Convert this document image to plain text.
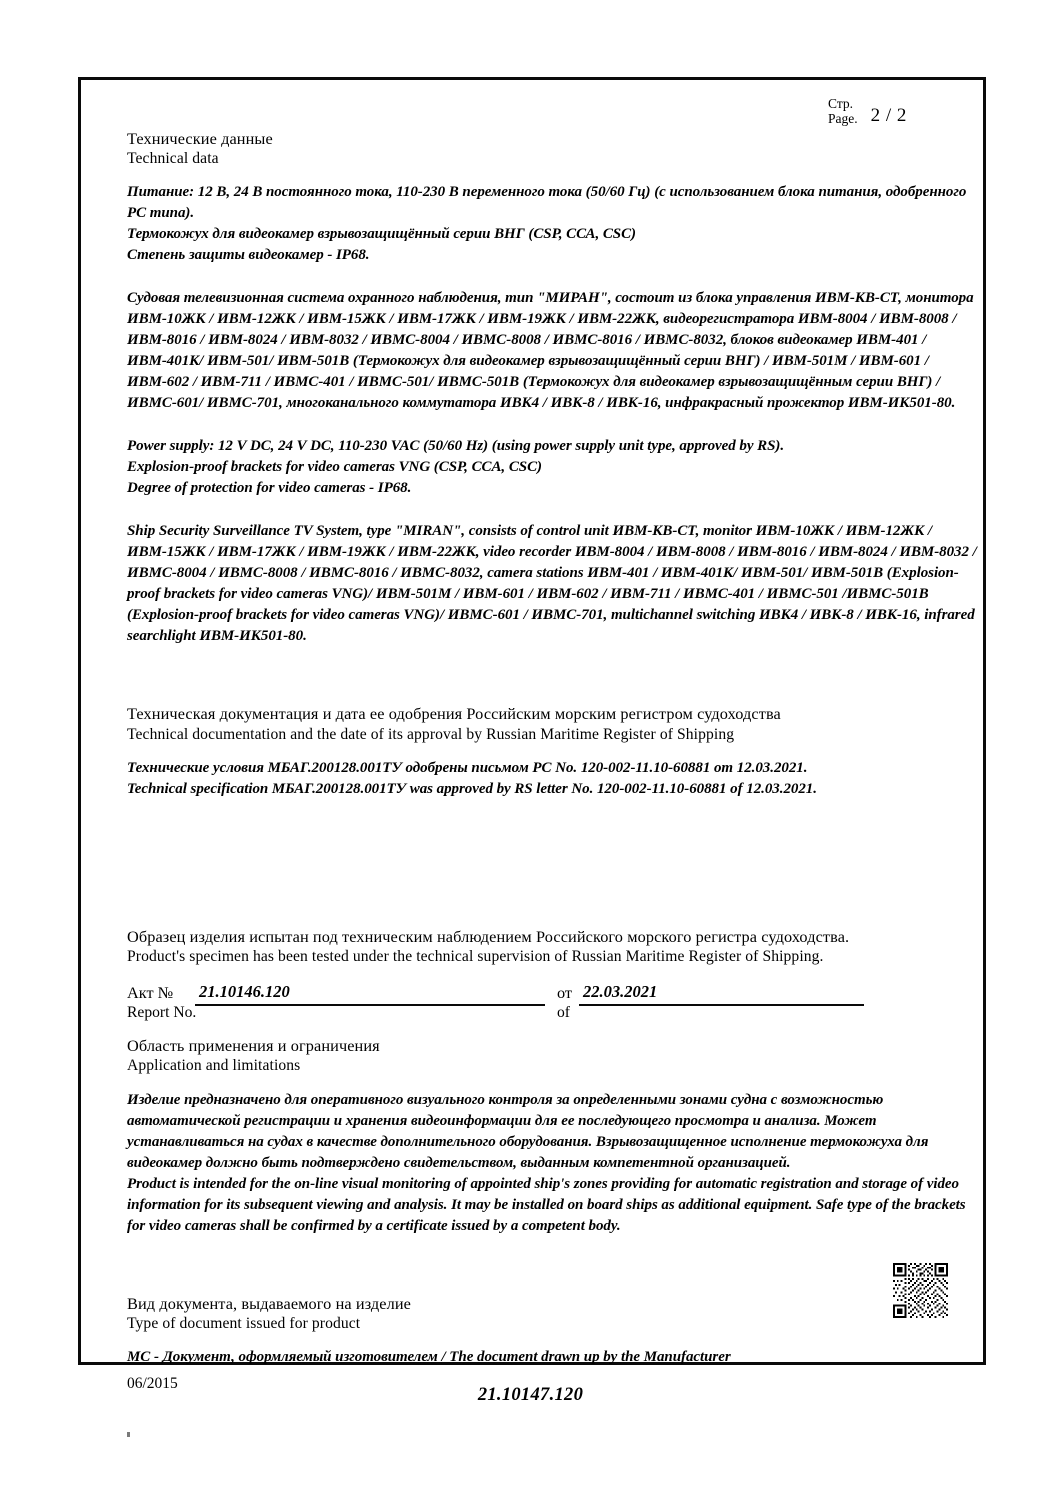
Стр.
Page. 2 / 2
Технические данные
Technical data
Питание: 12 В, 24 В постоянного тока, 110-230 В переменного тока (50/60 Гц) (с использованием блока питания, одобренного РС типа).
Термокожух для видеокамер взрывозащищённый серии ВНГ (CSP, ССА, CSC)
Степень защиты видеокамер - IP68.
Судовая телевизионная система охранного наблюдения, тип "МИРАН", состоит из блока управления ИВМ-КВ-СТ, монитора ИВМ-10ЖК / ИВМ-12ЖК / ИВМ-15ЖК / ИВМ-17ЖК / ИВМ-19ЖК / ИВМ-22ЖК, видеорегистратора ИВМ-8004 / ИВМ-8008 / ИВМ-8016 / ИВМ-8024 / ИВМ-8032 / ИВМС-8004 / ИВМС-8008 / ИВМС-8016 / ИВМС-8032, блоков видеокамер ИВМ-401 / ИВМ-401К/ ИВМ-501/ ИВМ-501В (Термокожух для видеокамер взрывозащищённый серии ВНГ) / ИВМ-501М / ИВМ-601 / ИВМ-602 / ИВМ-711 / ИВМС-401 / ИВМС-501/ ИВМС-501В (Термокожух для видеокамер взрывозащищённым серии ВНГ) /ИВМС-601/ ИВМС-701, многоканального коммутатора ИВК4 / ИВК-8 / ИВК-16, инфракрасный прожектор ИВМ-ИК501-80.
Power supply: 12 V DC, 24 V DC, 110-230 VAC (50/60 Hz) (using power supply unit type, approved by RS).
Explosion-proof brackets for video cameras VNG (CSP, CCA, CSC)
Degree of protection for video cameras - IP68.
Ship Security Surveillance TV System, type "MIRAN", consists of control unit ИВМ-КВ-СТ, monitor ИВМ-10ЖК / ИВМ-12ЖК / ИВМ-15ЖК / ИВМ-17ЖК / ИВМ-19ЖК / ИВМ-22ЖК, video recorder ИВМ-8004 / ИВМ-8008 / ИВМ-8016 / ИВМ-8024 / ИВМ-8032 / ИВМС-8004 / ИВМС-8008 / ИВМС-8016 / ИВМС-8032, camera stations ИВМ-401 / ИВМ-401К/ ИВМ-501/ ИВМ-501В (Explosion-proof brackets for video cameras VNG)/ ИВМ-501М / ИВМ-601 / ИВМ-602 / ИВМ-711 / ИВМС-401 / ИВМС-501 /ИВМС-501В (Explosion-proof brackets for video cameras VNG)/ ИВМС-601 / ИВМС-701, multichannel switching ИВК4 / ИВК-8 / ИВК-16, infrared searchlight ИВМ-ИК501-80.
Техническая документация и дата ее одобрения Российским морским регистром судоходства
Technical documentation and the date of its approval by Russian Maritime Register of Shipping
Технические условия МБАГ.200128.001ТУ одобрены письмом РС No. 120-002-11.10-60881 от 12.03.2021.
Technical specification МБАГ.200128.001ТУ was approved by RS letter No. 120-002-11.10-60881 of 12.03.2021.
Образец изделия испытан под техническим наблюдением Российского морского регистра судоходства.
Product's specimen has been tested under the technical supervision of Russian Maritime Register of Shipping.
Акт №
Report No.
21.10146.120	от
of
22.03.2021
Область применения и ограничения
Application and limitations
Изделие предназначено для оперативного визуального контроля за определенными зонами судна с возможностью автоматической регистрации и хранения видеоинформации для ее последующего просмотра и анализа. Может устанавливаться на судах в качестве дополнительного оборудования. Взрывозащищенное исполнение термокожуха для видеокамер должно быть подтверждено свидетельством, выданным компетентной организацией.
Product is intended for the on-line visual monitoring of appointed ship's zones providing for automatic registration and storage of video information for its subsequent viewing and analysis. It may be installed on board ships as additional equipment. Safe type of the brackets for video cameras shall be confirmed by a certificate issued by a competent body.
Вид документа, выдаваемого на изделие
Type of document issued for product
МС - Документ, оформляемый изготовителем / The document drawn up by the Manufacturer
06/2015
21.10147.120
